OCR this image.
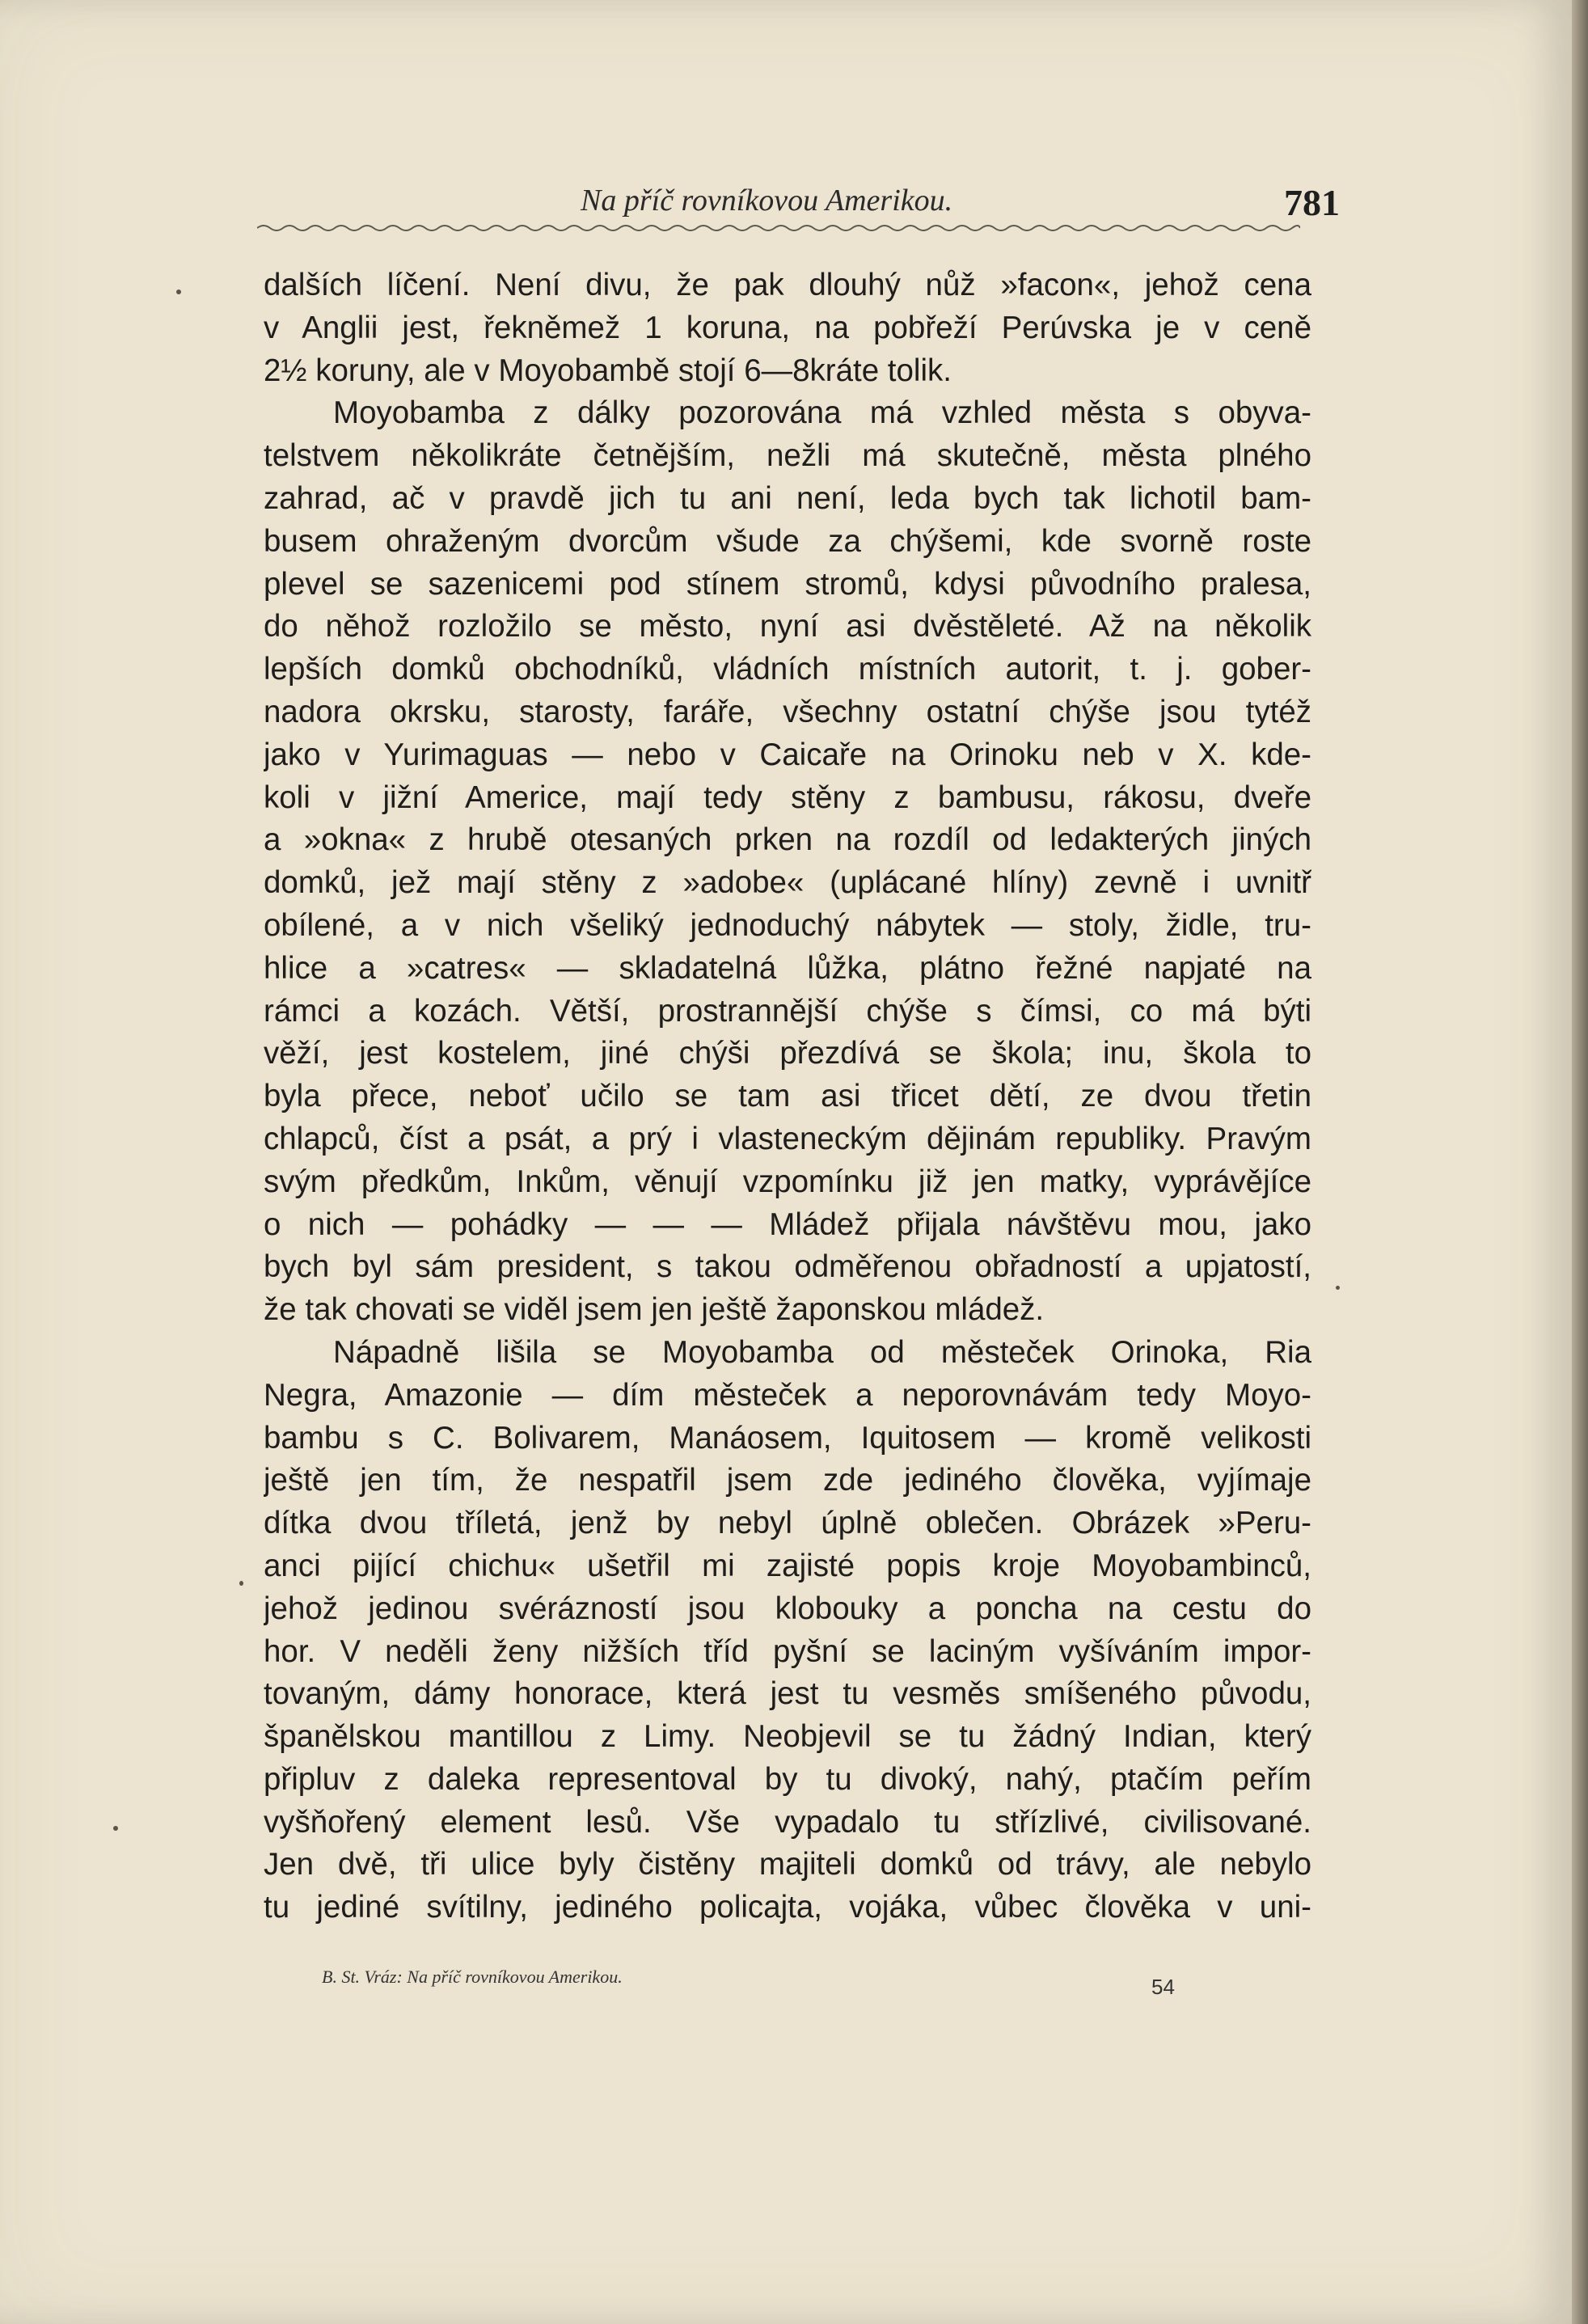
Na příč rovníkovou Amerikou.	781
dalších líčení. Není divu, že pak dlouhý nůž »facon«, jehož cena
v Anglii jest, řekněmež 1 koruna, na pobřeží Perúvska je v ceně
2½ koruny, ale v Moyobambě stojí 6—8kráte tolik.
Moyobamba z dálky pozorována má vzhled města s obyva-
telstvem několikráte četnějším, nežli má skutečně, města plného
zahrad, ač v pravdě jich tu ani není, leda bych tak lichotil bam-
busem ohraženým dvorcům všude za chýšemi, kde svorně roste
plevel se sazenicemi pod stínem stromů, kdysi původního pralesa,
do něhož rozložilo se město, nyní asi dvěstěleté. Až na několik
lepších domků obchodníků, vládních místních autorit, t. j. gober-
nadora okrsku, starosty, faráře, všechny ostatní chýše jsou tytéž
jako v Yurimaguas — nebo v Caicaře na Orinoku neb v X. kde-
koli v jižní Americe, mají tedy stěny z bambusu, rákosu, dveře
a »okna« z hrubě otesaných prken na rozdíl od ledakterých jiných
domků, jež mají stěny z »adobe« (uplácané hlíny) zevně i uvnitř
obílené, a v nich všeliký jednoduchý nábytek — stoly, židle, tru-
hlice a »catres« — skladatelná lůžka, plátno řežné napjaté na
rámci a kozách. Větší, prostrannější chýše s čímsi, co má býti
věží, jest kostelem, jiné chýši přezdívá se škola; inu, škola to
byla přece, neboť učilo se tam asi třicet dětí, ze dvou třetin
chlapců, číst a psát, a prý i vlasteneckým dějinám republiky. Pravým
svým předkům, Inkům, věnují vzpomínku již jen matky, vyprávějíce
o nich — pohádky — — — Mládež přijala návštěvu mou, jako
bych byl sám president, s takou odměřenou obřadností a upjatostí,
že tak chovati se viděl jsem jen ještě žaponskou mládež.
Nápadně lišila se Moyobamba od městeček Orinoka, Ria
Negra, Amazonie — dím městeček a neporovnávám tedy Moyo-
bambu s C. Bolivarem, Manáosem, Iquitosem — kromě velikosti
ještě jen tím, že nespatřil jsem zde jediného člověka, vyjímaje
dítka dvou tříletá, jenž by nebyl úplně oblečen. Obrázek »Peru-
anci pijící chichu« ušetřil mi zajisté popis kroje Moyobambinců,
jehož jedinou svérázností jsou klobouky a poncha na cestu do
hor. V neděli ženy nižších tříd pyšní se laciným vyšíváním impor-
tovaným, dámy honorace, která jest tu vesměs smíšeného původu,
španělskou mantillou z Limy. Neobjevil se tu žádný Indian, který
připluv z daleka representoval by tu divoký, nahý, ptačím peřím
vyšňořený element lesů. Vše vypadalo tu střízlivé, civilisované.
Jen dvě, tři ulice byly čistěny majiteli domků od trávy, ale nebylo
tu jediné svítilny, jediného policajta, vojáka, vůbec člověka v uni-
B. St. Vráz: Na příč rovníkovou Amerikou.	54
